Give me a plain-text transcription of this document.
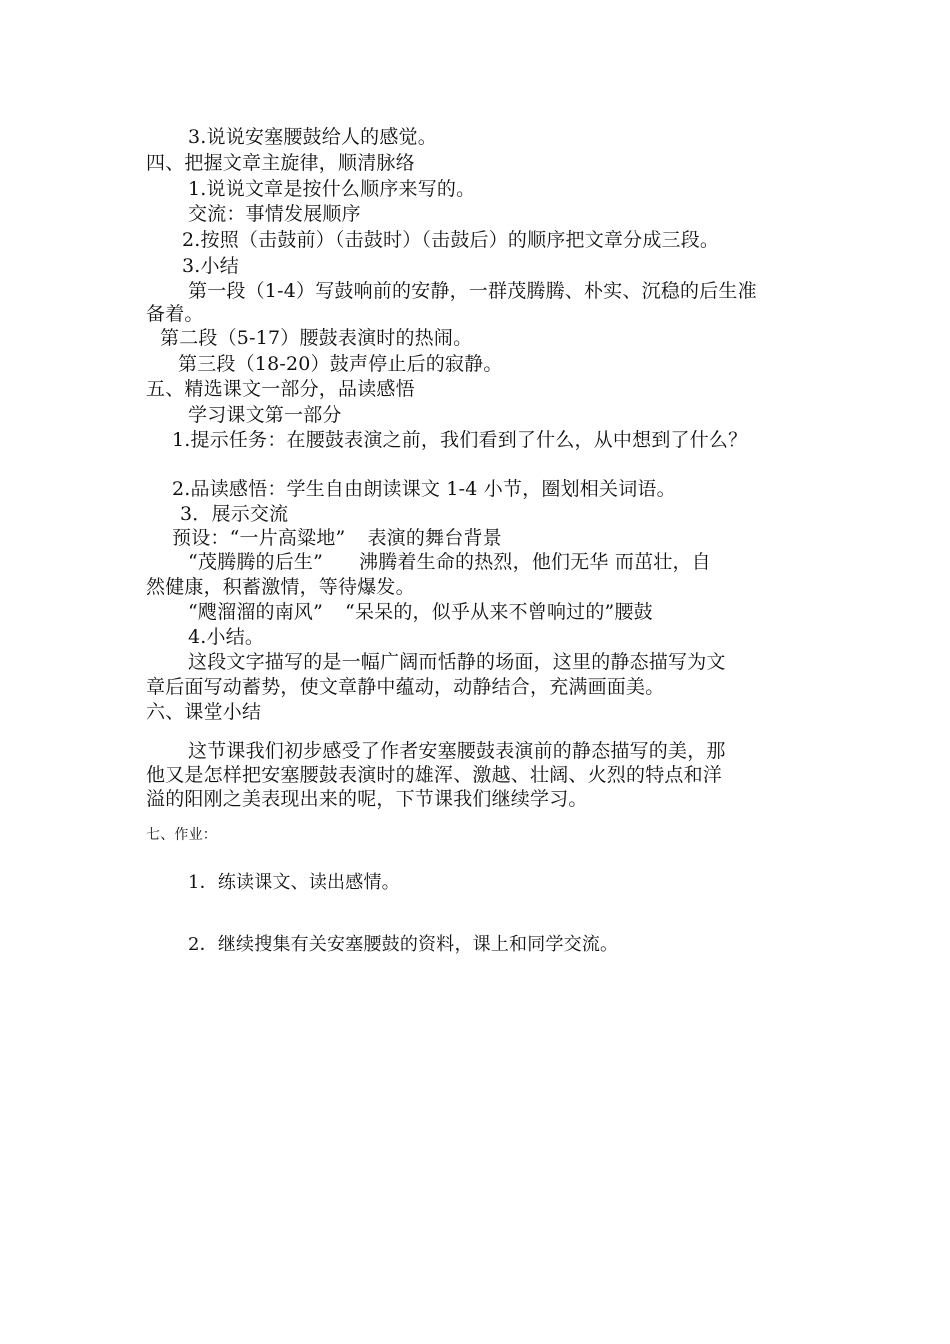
3.说说安塞腰鼓给人的感觉。
四、把握文章主旋律，顺清脉络
1.说说文章是按什么顺序来写的。
交流：事情发展顺序
2.按照（击鼓前）（击鼓时）（击鼓后）的顺序把文章分成三段。
3.小结
第一段（1-4）写鼓响前的安静，一群茂腾腾、朴实、沉稳的后生准
备着。
第二段（5-17）腰鼓表演时的热闹。
第三段（18-20）鼓声停止后的寂静。
五、精选课文一部分，品读感悟
学习课文第一部分
1.提示任务：在腰鼓表演之前，我们看到了什么，从中想到了什么？
2.品读感悟：学生自由朗读课文 1-4 小节，圈划相关词语。
3．展示交流
预设：“一片高粱地” 表演的舞台背景
“茂腾腾的后生” 沸腾着生命的热烈，他们无华 而茁壮，自
然健康，积蓄激情，等待爆发。
“飕溜溜的南风” “呆呆的，似乎从来不曾响过的”腰鼓
4.小结。
这段文字描写的是一幅广阔而恬静的场面，这里的静态描写为文
章后面写动蓄势，使文章静中蕴动，动静结合，充满画面美。
六、课堂小结
这节课我们初步感受了作者安塞腰鼓表演前的静态描写的美，那
他又是怎样把安塞腰鼓表演时的雄浑、激越、壮阔、火烈的特点和洋
溢的阳刚之美表现出来的呢，下节课我们继续学习。
七、作业：
1．练读课文、读出感情。
2．继续搜集有关安塞腰鼓的资料，课上和同学交流。
